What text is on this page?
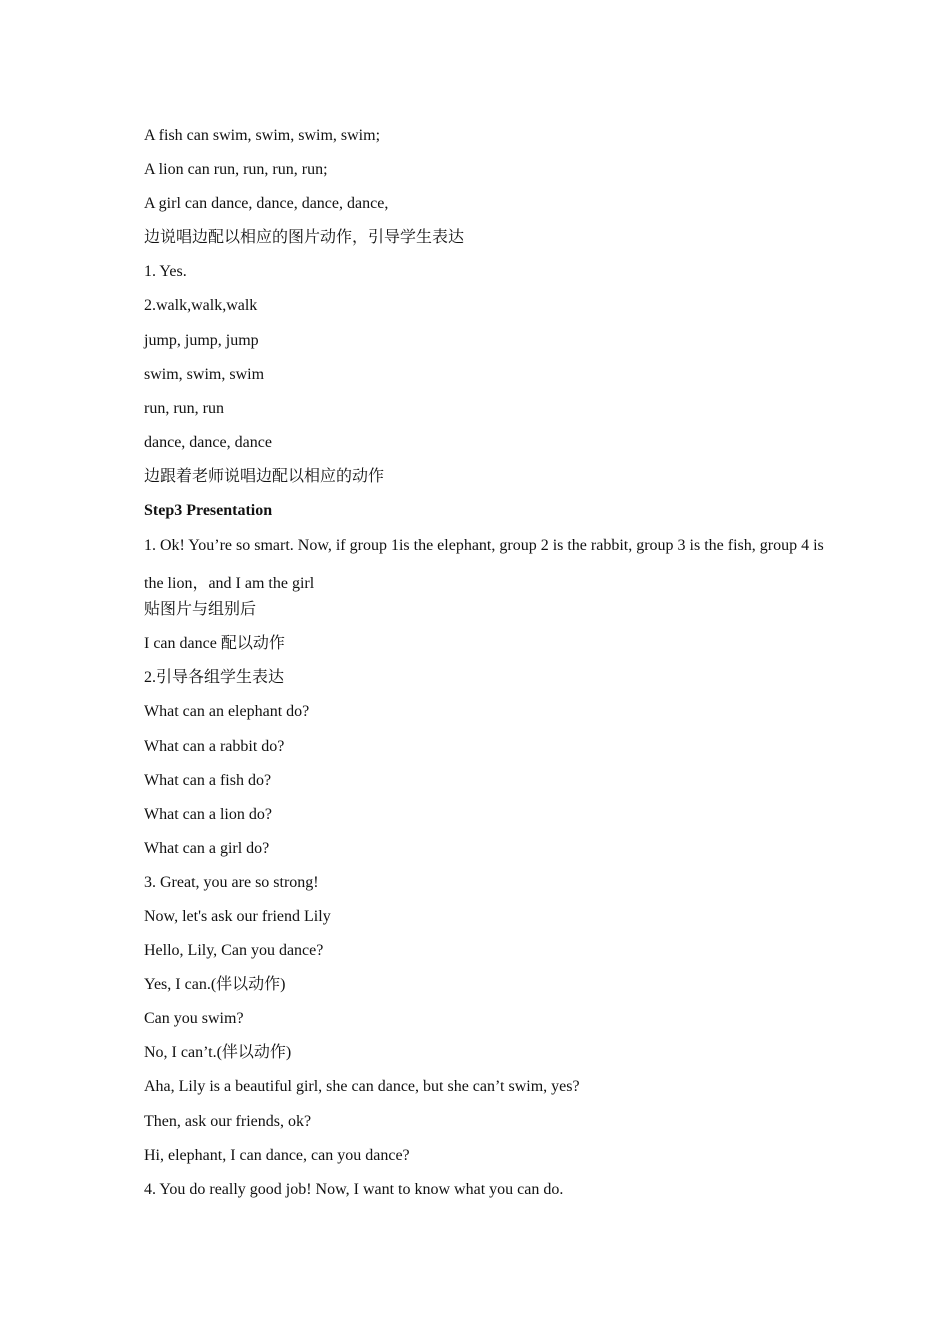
A fish can swim, swim, swim, swim;
A lion can run, run, run, run;
A girl can dance, dance, dance, dance,
边说唱边配以相应的图片动作，引导学生表达
1. Yes.
2.walk,walk,walk
jump, jump, jump
swim, swim, swim
run, run, run
dance, dance, dance
边跟着老师说唱边配以相应的动作
Step3 Presentation
1. Ok! You’re so smart. Now, if group 1is the elephant, group 2 is the rabbit, group 3 is the fish, group 4 is the lion，and I am the girl
贴图片与组别后
I can dance 配以动作
2.引导各组学生表达
What can an elephant do?
What can a rabbit do?
What can a fish do?
What can a lion do?
What can a girl do?
3. Great, you are so strong!
Now, let's ask our friend Lily
Hello, Lily, Can you dance?
Yes, I can.(伴以动作)
Can you swim?
No, I can’t.(伴以动作)
Aha, Lily is a beautiful girl, she can dance, but she can’t swim, yes?
Then, ask our friends, ok?
Hi, elephant, I can dance, can you dance?
4. You do really good job! Now, I want to know what you can do.
